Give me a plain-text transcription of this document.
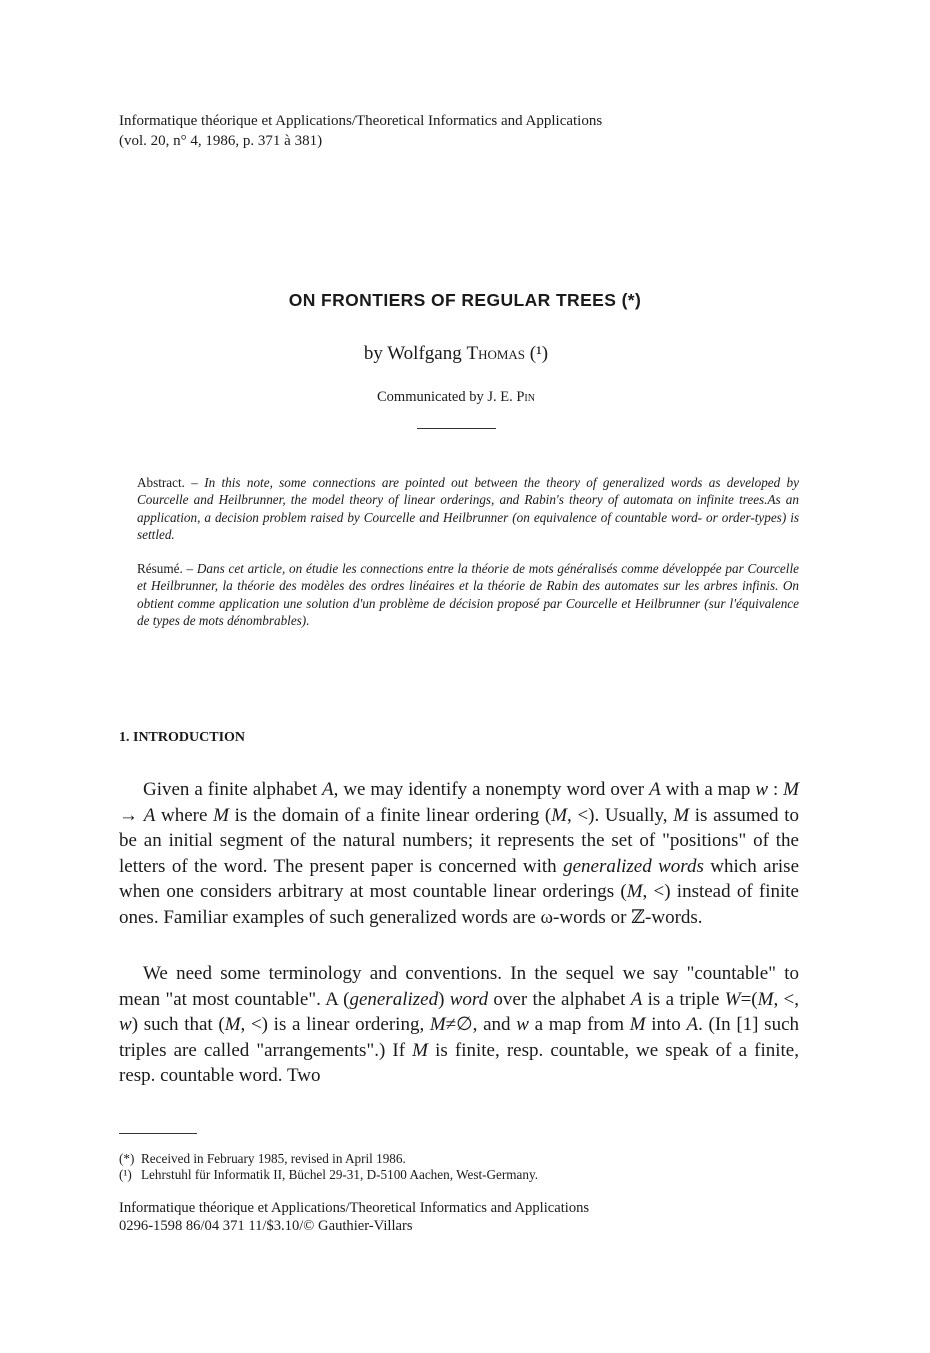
Informatique théorique et Applications/Theoretical Informatics and Applications
(vol. 20, n° 4, 1986, p. 371 à 381)
ON FRONTIERS OF REGULAR TREES (*)
by Wolfgang Thomas (¹)
Communicated by J. E. Pin
Abstract. – In this note, some connections are pointed out between the theory of generalized words as developed by Courcelle and Heilbrunner, the model theory of linear orderings, and Rabin's theory of automata on infinite trees.As an application, a decision problem raised by Courcelle and Heilbrunner (on equivalence of countable word- or order-types) is settled.
Résumé. – Dans cet article, on étudie les connections entre la théorie de mots généralisés comme développée par Courcelle et Heilbrunner, la théorie des modèles des ordres linéaires et la théorie de Rabin des automates sur les arbres infinis. On obtient comme application une solution d'un problème de décision proposé par Courcelle et Heilbrunner (sur l'équivalence de types de mots dénombrables).
1. INTRODUCTION

Given a finite alphabet A, we may identify a nonempty word over A with a map w : M → A where M is the domain of a finite linear ordering (M, <). Usually, M is assumed to be an initial segment of the natural numbers; it represents the set of "positions" of the letters of the word. The present paper is concerned with generalized words which arise when one considers arbitrary at most countable linear orderings (M, <) instead of finite ones. Familiar examples of such generalized words are ω-words or ℤ-words.

We need some terminology and conventions. In the sequel we say "countable" to mean "at most countable". A (generalized) word over the alphabet A is a triple W=(M, <, w) such that (M, <) is a linear ordering, M≠∅, and w a map from M into A. (In [1] such triples are called "arrangements".) If M is finite, resp. countable, we speak of a finite, resp. countable word. Two

(*) Received in February 1985, revised in April 1986.
(¹) Lehrstuhl für Informatik II, Büchel 29-31, D-5100 Aachen, West-Germany.
Informatique théorique et Applications/Theoretical Informatics and Applications
0296-1598 86/04 371 11/$3.10/© Gauthier-Villars
